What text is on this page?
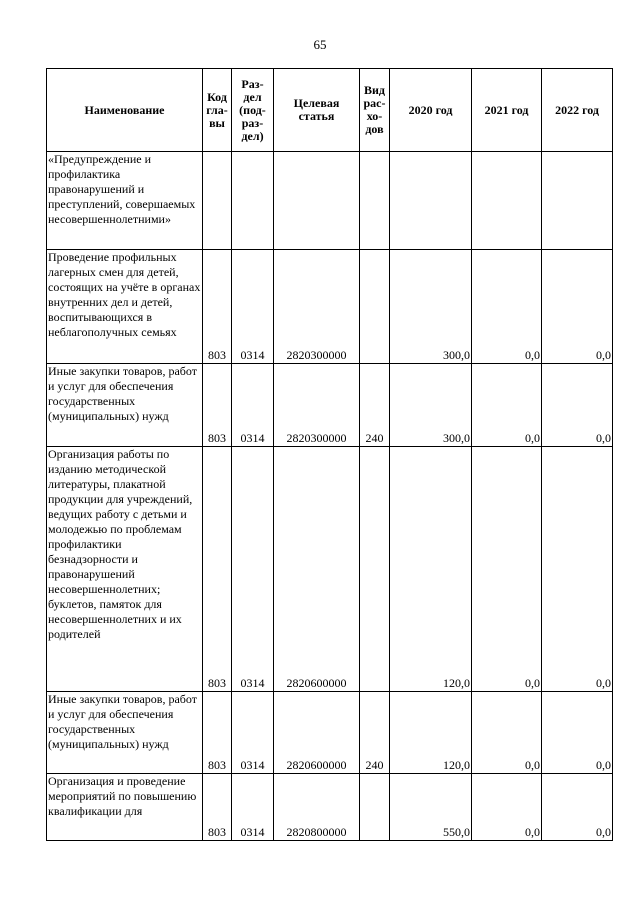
65
Наименование	Код гла-вы	Раз-дел (под-раз-дел)	Целевая статья	Вид рас-хо-дов	2020 год	2021 год	2022 год
«Предупреждение и профилактика правонарушений и преступлений, совершаемых несовершеннолетними»							
Проведение профильных лагерных смен для детей, состоящих на учёте в органах внутренних дел и детей, воспитывающихся в неблагополучных семьях	803	0314	2820300000		300,0	0,0	0,0
Иные закупки товаров, работ и услуг для обеспечения государственных (муниципальных) нужд	803	0314	2820300000	240	300,0	0,0	0,0
Организация работы по изданию методической литературы, плакатной продукции для учреждений, ведущих работу с детьми и молодежью по проблемам профилактики безнадзорности и правонарушений несовершеннолетних; буклетов, памяток для несовершеннолетних и их родителей	803	0314	2820600000		120,0	0,0	0,0
Иные закупки товаров, работ и услуг для обеспечения государственных (муниципальных) нужд	803	0314	2820600000	240	120,0	0,0	0,0
Организация и проведение мероприятий по повышению квалификации для	803	0314	2820800000		550,0	0,0	0,0
